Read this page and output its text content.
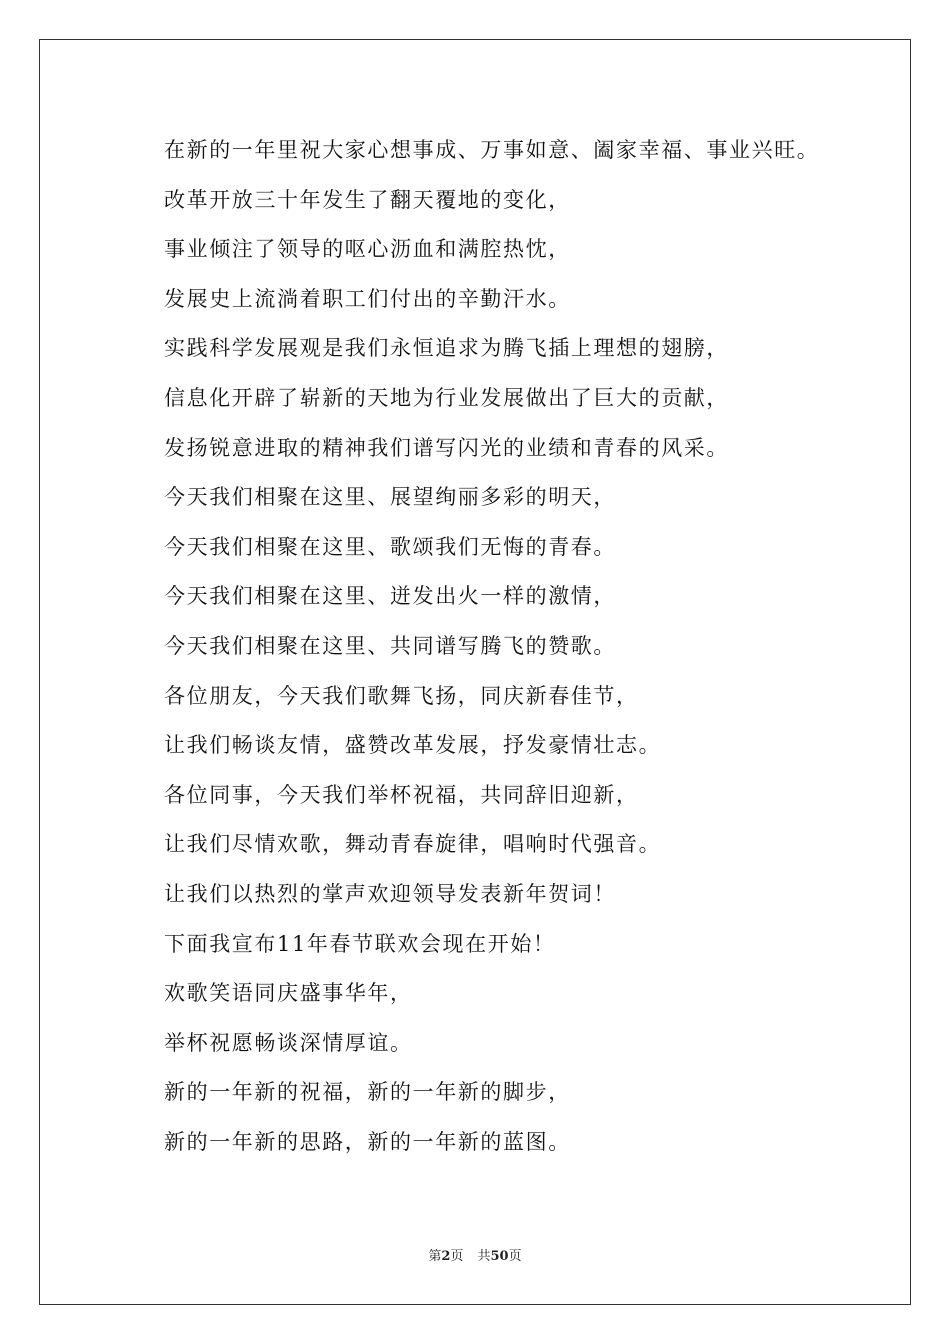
在新的一年里祝大家心想事成、万事如意、阖家幸福、事业兴旺。
改革开放三十年发生了翻天覆地的变化，
事业倾注了领导的呕心沥血和满腔热忱，
发展史上流淌着职工们付出的辛勤汗水。
实践科学发展观是我们永恒追求为腾飞插上理想的翅膀，
信息化开辟了崭新的天地为行业发展做出了巨大的贡献，
发扬锐意进取的精神我们谱写闪光的业绩和青春的风采。
今天我们相聚在这里、展望绚丽多彩的明天，
今天我们相聚在这里、歌颂我们无悔的青春。
今天我们相聚在这里、迸发出火一样的激情，
今天我们相聚在这里、共同谱写腾飞的赞歌。
各位朋友，今天我们歌舞飞扬，同庆新春佳节，
让我们畅谈友情，盛赞改革发展，抒发豪情壮志。
各位同事，今天我们举杯祝福，共同辞旧迎新，
让我们尽情欢歌，舞动青春旋律，唱响时代强音。
让我们以热烈的掌声欢迎领导发表新年贺词！
下面我宣布11年春节联欢会现在开始！
欢歌笑语同庆盛事华年，
举杯祝愿畅谈深情厚谊。
新的一年新的祝福，新的一年新的脚步，
新的一年新的思路，新的一年新的蓝图。
第2页 共50页
